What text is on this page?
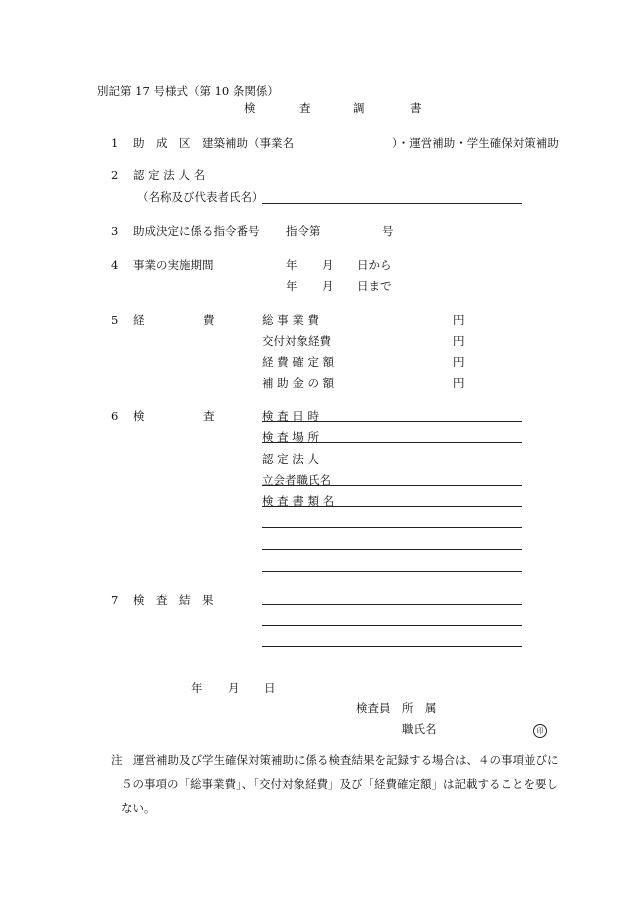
別記第 17 号様式（第 10 条関係）
検	査	調	書
1 助　成　区 建築補助（事業名	）・運営補助・学生確保対策補助
2 認 定 法 人 名
（名称及び代表者氏名）
3 助成決定に係る指令番号 指令第	号
4 事業の実施期間	年 月 日から
年 月 日まで
5 経	費	総 事 業 費	円
交付対象経費	円
経 費 確 定 額	円
補 助 金 の 額	円
6 検	査	検 査 日 時
検 査 場 所
認 定 法 人
立会者職氏名
検 査 書 類 名
7 検　査　結　果
年 月 日
検査員 所　属
職氏名	印
注 運営補助及び学生確保対策補助に係る検査結果を記録する場合は、４の事項並びに
５の事項の「総事業費」、「交付対象経費」及び「経費確定額」は記載することを要し
ない。
